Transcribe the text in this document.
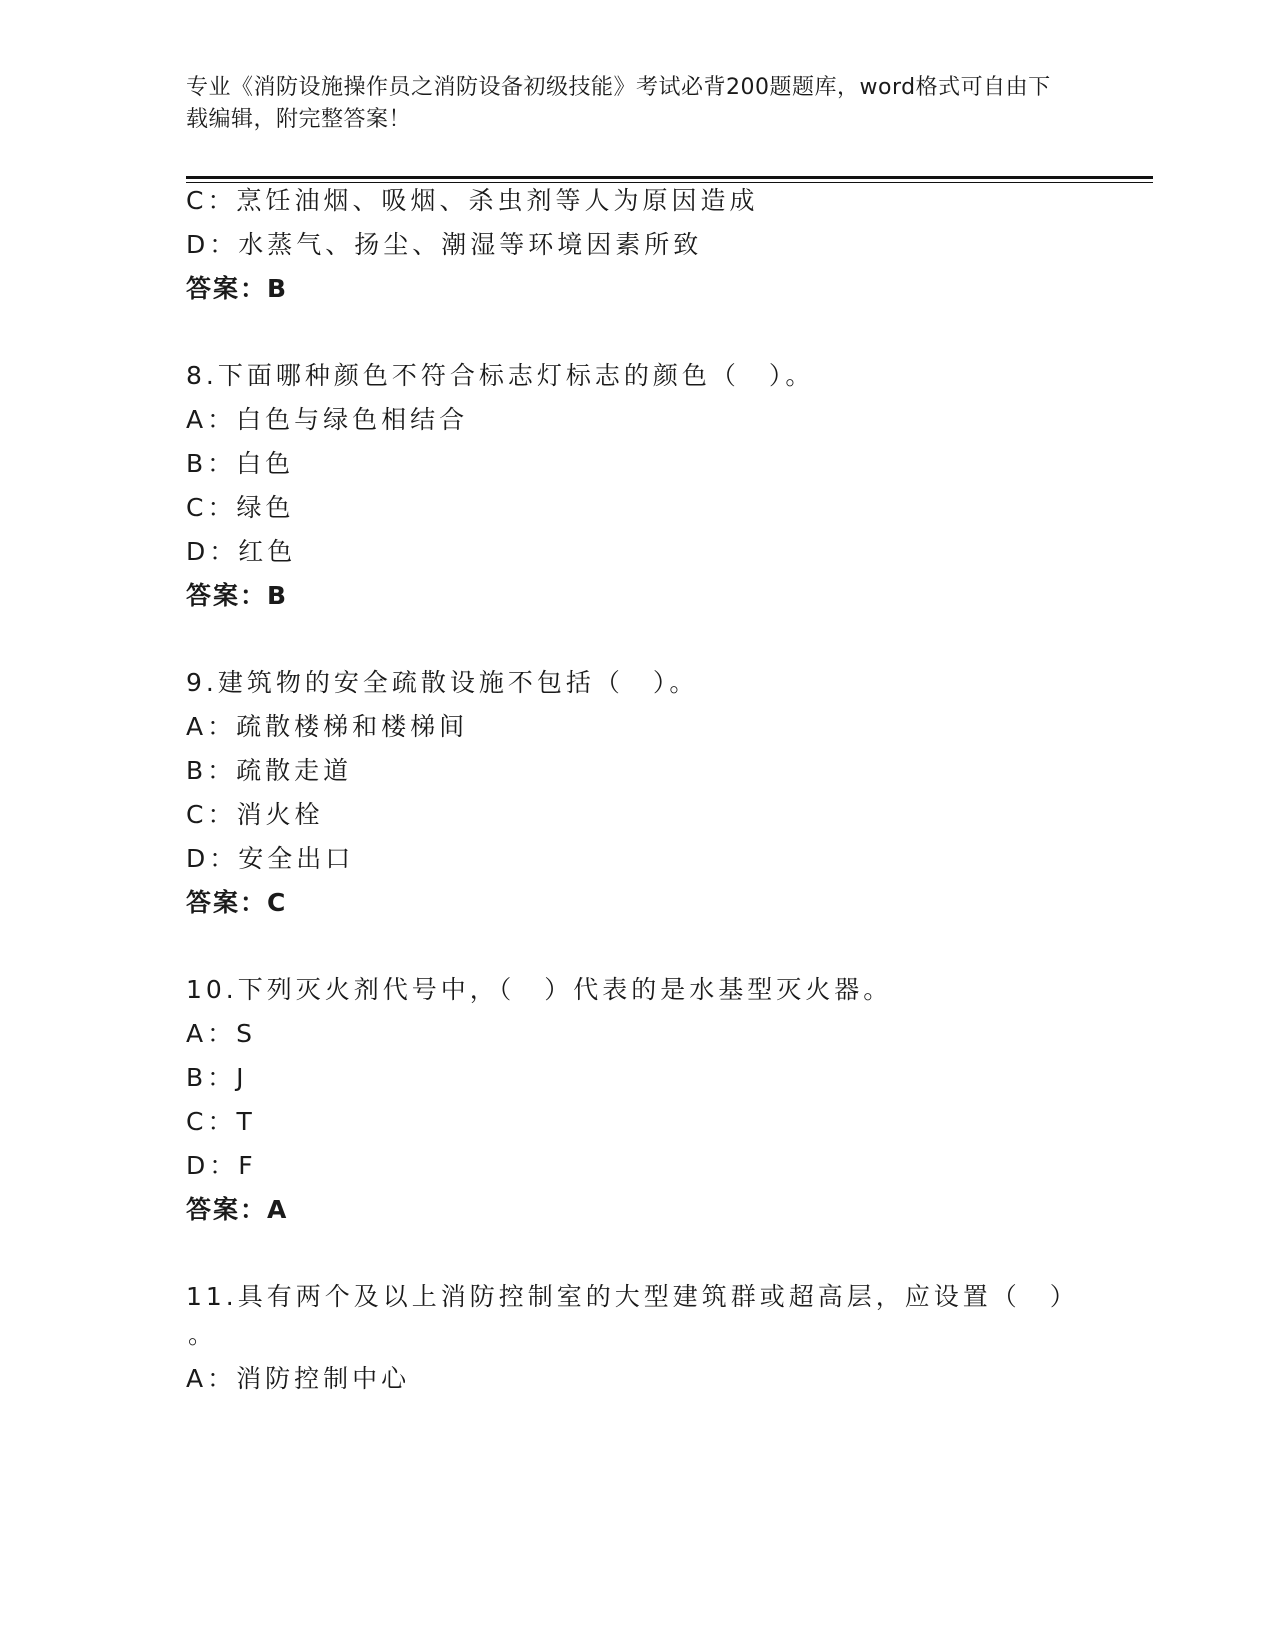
专业《消防设施操作员之消防设备初级技能》考试必背200题题库，word格式可自由下载编辑，附完整答案！
C：烹饪油烟、吸烟、杀虫剂等人为原因造成
D：水蒸气、扬尘、潮湿等环境因素所致
答案：B
8.下面哪种颜色不符合标志灯标志的颜色（　）。
A：白色与绿色相结合
B：白色
C：绿色
D：红色
答案：B
9.建筑物的安全疏散设施不包括（　）。
A：疏散楼梯和楼梯间
B：疏散走道
C：消火栓
D：安全出口
答案：C
10.下列灭火剂代号中，（　）代表的是水基型灭火器。
A：S
B：J
C：T
D：F
答案：A
11.具有两个及以上消防控制室的大型建筑群或超高层，应设置（　）
。
A：消防控制中心
